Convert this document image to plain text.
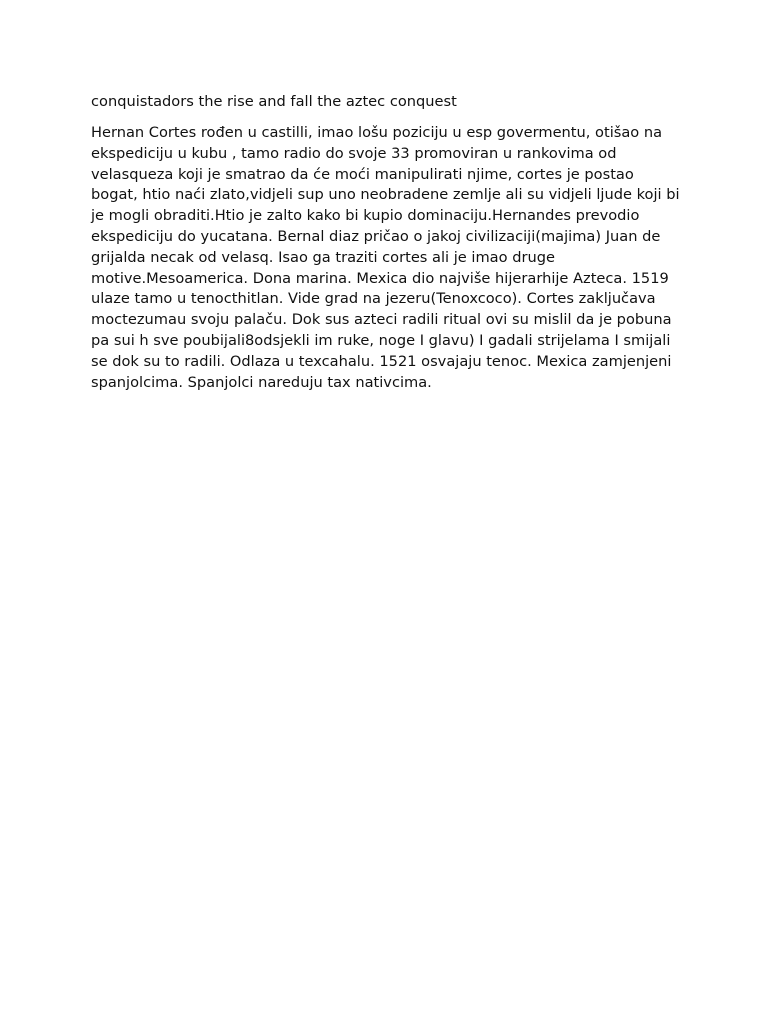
conquistadors the rise and fall the aztec conquest

Hernan Cortes rođen u castilli, imao lošu poziciju u esp govermentu, otišao na ekspediciju u kubu , tamo radio do svoje 33 promoviran u rankovima od velasqueza koji je smatrao da će moći manipulirati njime, cortes je postao bogat, htio naći zlato,vidjeli sup uno neobradene zemlje ali su vidjeli ljude koji bi je mogli obraditi.Htio je zalto kako bi kupio dominaciju.Hernandes prevodio ekspediciju do yucatana. Bernal diaz pričao o jakoj civilizaciji(majima) Juan de grijalda necak od velasq. Isao ga traziti cortes ali je imao druge motive.Mesoamerica. Dona marina. Mexica dio najviše hijerarhije Azteca. 1519 ulaze tamo u tenocthitlan. Vide grad na jezeru(Tenoxcoco). Cortes zaključava moctezumau svoju palaču. Dok sus azteci radili ritual ovi su mislil da je pobuna pa sui h sve poubijali8odsjekli im ruke, noge I glavu) I gadali strijelama I smijali se dok su to radili. Odlaza u texcahalu. 1521 osvajaju tenoc. Mexica zamjenjeni spanjolcima. Spanjolci nareduju tax nativcima.
